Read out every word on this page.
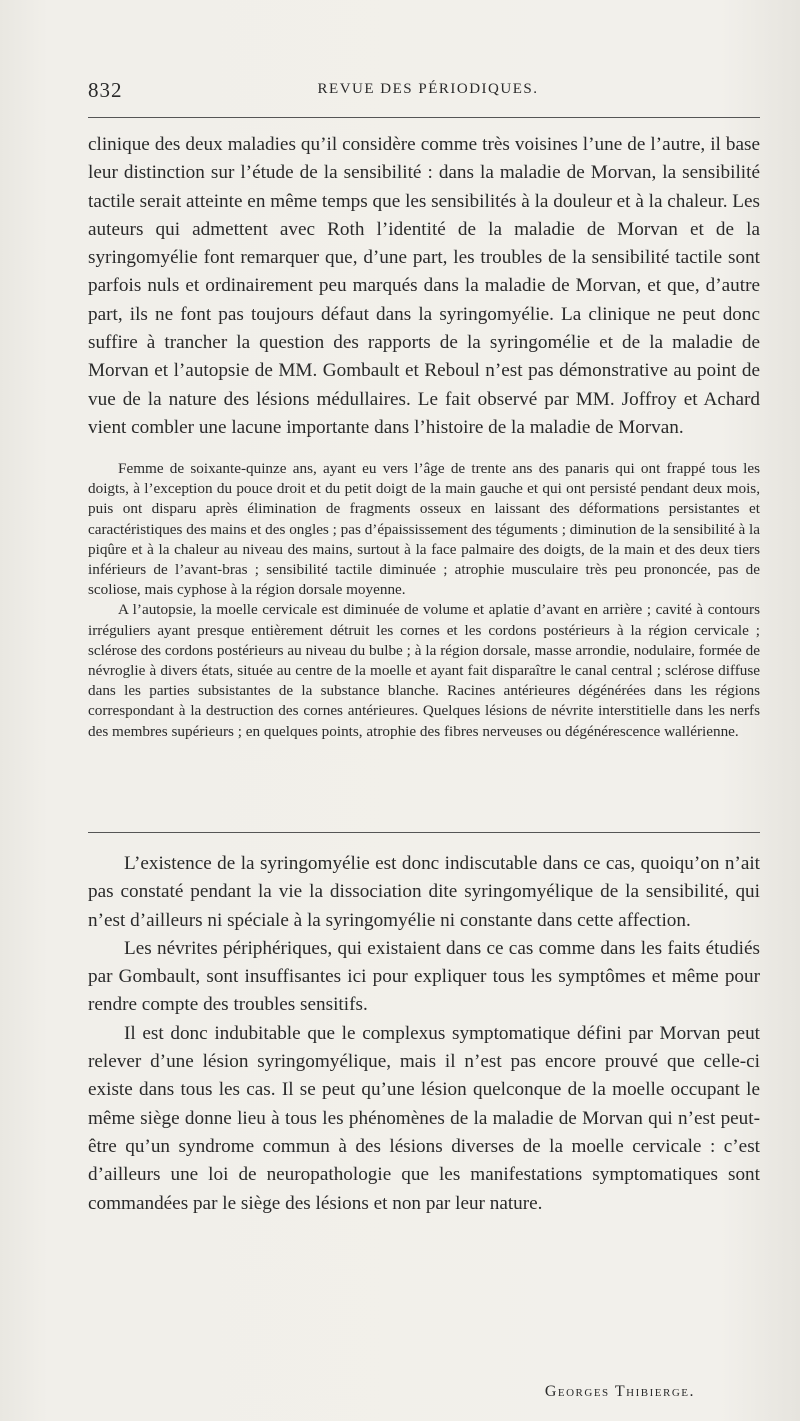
832	REVUE DES PÉRIODIQUES.

clinique des deux maladies qu’il considère comme très voisines l’une de l’autre, il base leur distinction sur l’étude de la sensibilité : dans la maladie de Morvan, la sensibilité tactile serait atteinte en même temps que les sensibilités à la douleur et à la chaleur. Les auteurs qui admettent avec Roth l’identité de la maladie de Morvan et de la syringomyélie font remarquer que, d’une part, les troubles de la sensibilité tactile sont parfois nuls et ordinairement peu marqués dans la maladie de Morvan, et que, d’autre part, ils ne font pas toujours défaut dans la syringomyélie. La clinique ne peut donc suffire à trancher la question des rapports de la syringomélie et de la maladie de Morvan et l’autopsie de MM. Gombault et Reboul n’est pas démonstrative au point de vue de la nature des lésions médullaires. Le fait observé par MM. Joffroy et Achard vient combler une lacune importante dans l’histoire de la maladie de Morvan.

Femme de soixante-quinze ans, ayant eu vers l’âge de trente ans des panaris qui ont frappé tous les doigts, à l’exception du pouce droit et du petit doigt de la main gauche et qui ont persisté pendant deux mois, puis ont disparu après élimination de fragments osseux en laissant des déformations persistantes et caractéristiques des mains et des ongles ; pas d’épaississement des téguments ; diminution de la sensibilité à la piqûre et à la chaleur au niveau des mains, surtout à la face palmaire des doigts, de la main et des deux tiers inférieurs de l’avant-bras ; sensibilité tactile diminuée ; atrophie musculaire très peu prononcée, pas de scoliose, mais cyphose à la région dorsale moyenne.

A l’autopsie, la moelle cervicale est diminuée de volume et aplatie d’avant en arrière ; cavité à contours irréguliers ayant presque entièrement détruit les cornes et les cordons postérieurs à la région cervicale ; sclérose des cordons postérieurs au niveau du bulbe ; à la région dorsale, masse arrondie, nodulaire, formée de névroglie à divers états, située au centre de la moelle et ayant fait disparaître le canal central ; sclérose diffuse dans les parties subsistantes de la substance blanche. Racines antérieures dégénérées dans les régions correspondant à la destruction des cornes antérieures. Quelques lésions de névrite interstitielle dans les nerfs des membres supérieurs ; en quelques points, atrophie des fibres nerveuses ou dégénérescence wallérienne.

L’existence de la syringomyélie est donc indiscutable dans ce cas, quoiqu’on n’ait pas constaté pendant la vie la dissociation dite syringomyélique de la sensibilité, qui n’est d’ailleurs ni spéciale à la syringomyélie ni constante dans cette affection.

Les névrites périphériques, qui existaient dans ce cas comme dans les faits étudiés par Gombault, sont insuffisantes ici pour expliquer tous les symptômes et même pour rendre compte des troubles sensitifs.

Il est donc indubitable que le complexus symptomatique défini par Morvan peut relever d’une lésion syringomyélique, mais il n’est pas encore prouvé que celle-ci existe dans tous les cas. Il se peut qu’une lésion quelconque de la moelle occupant le même siège donne lieu à tous les phénomènes de la maladie de Morvan qui n’est peut-être qu’un syndrome commun à des lésions diverses de la moelle cervicale : c’est d’ailleurs une loi de neuropathologie que les manifestations symptomatiques sont commandées par le siège des lésions et non par leur nature.

Georges Thibierge.
